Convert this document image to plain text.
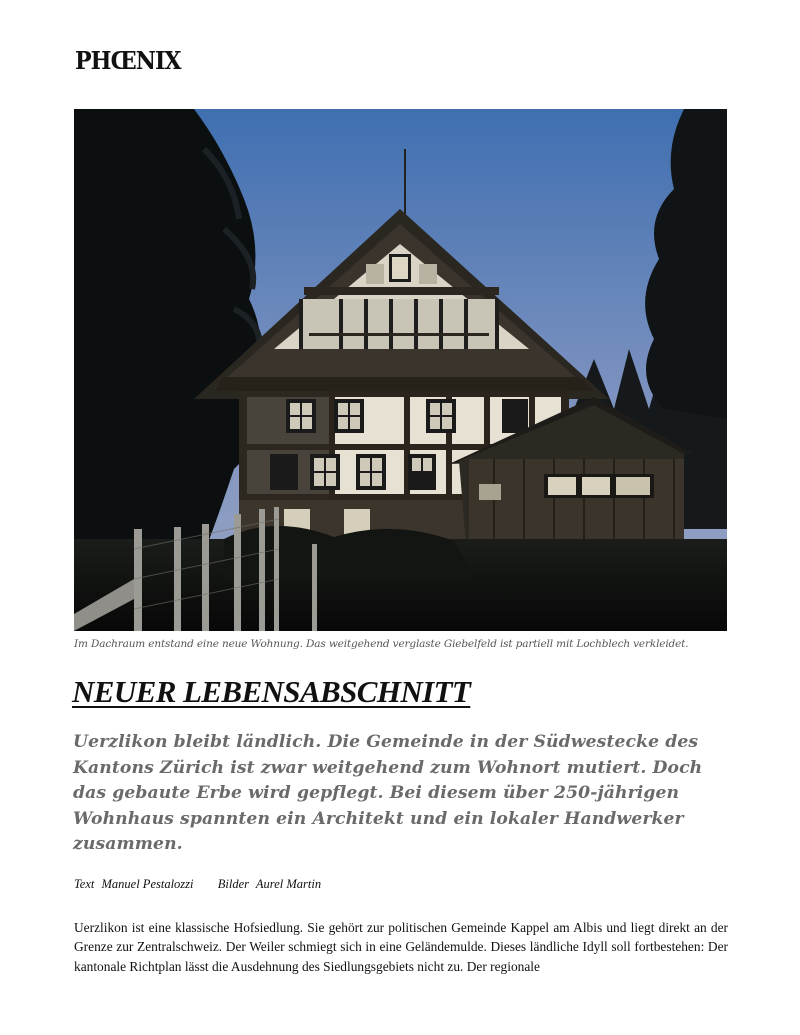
PHŒNIX
Im Dachraum entstand eine neue Wohnung. Das weitgehend verglaste Giebelfeld ist partiell mit Lochblech verkleidet.
NEUER LEBENSABSCHNITT

Uerzlikon bleibt ländlich. Die Gemeinde in der Südwestecke des Kantons Zürich ist zwar weitgehend zum Wohnort mutiert. Doch das gebaute Erbe wird gepflegt. Bei diesem über 250-jährigen Wohnhaus spannten ein Architekt und ein lokaler Handwerker zusammen.

Text Manuel Pestalozzi Bilder Aurel Martin

Uerzlikon ist eine klassische Hofsiedlung. Sie gehört zur politischen Gemeinde Kappel am Albis und liegt direkt an der Grenze zur Zentralschweiz. Der Weiler schmiegt sich in eine Geländemulde. Dieses ländliche Idyll soll fortbestehen: Der kantonale Richtplan lässt die Ausdehnung des Siedlungsgebiets nicht zu. Der regionale
